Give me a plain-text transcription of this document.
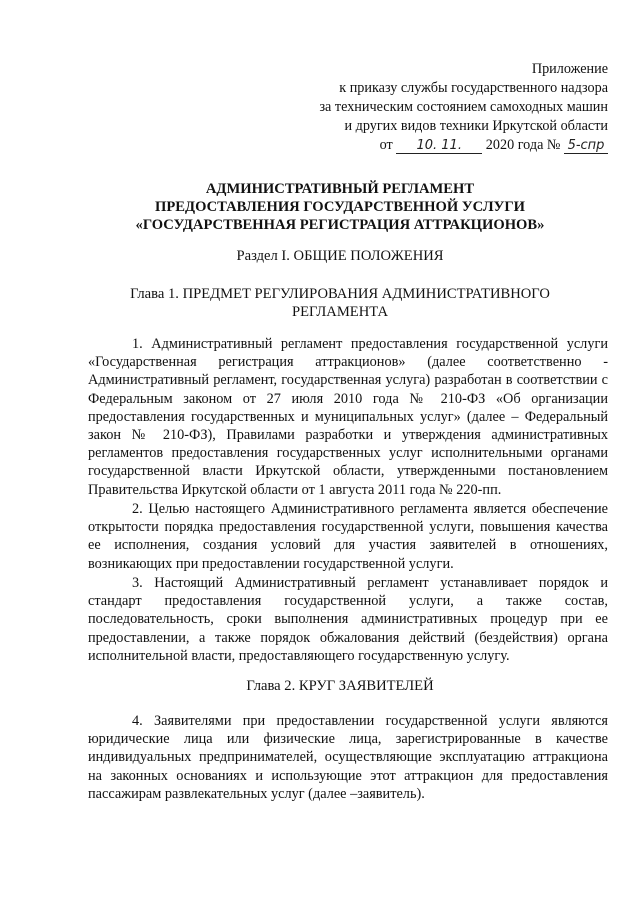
Приложение
к приказу службы государственного надзора
за техническим состоянием самоходных машин
и других видов техники Иркутской области
от 10. 11. 2020 года № 5-спр
АДМИНИСТРАТИВНЫЙ РЕГЛАМЕНТ
ПРЕДОСТАВЛЕНИЯ ГОСУДАРСТВЕННОЙ УСЛУГИ
«ГОСУДАРСТВЕННАЯ РЕГИСТРАЦИЯ АТТРАКЦИОНОВ»
Раздел I. ОБЩИЕ ПОЛОЖЕНИЯ
Глава 1. ПРЕДМЕТ РЕГУЛИРОВАНИЯ АДМИНИСТРАТИВНОГО
РЕГЛАМЕНТА

1. Административный регламент предоставления государственной услуги «Государственная регистрация аттракционов» (далее соответственно - Административный регламент, государственная услуга) разработан в соответствии с Федеральным законом от 27 июля 2010 года № 210-ФЗ «Об организации предоставления государственных и муниципальных услуг» (далее – Федеральный закон № 210-ФЗ), Правилами разработки и утверждения административных регламентов предоставления государственных услуг исполнительными органами государственной власти Иркутской области, утвержденными постановлением Правительства Иркутской области от 1 августа 2011 года № 220-пп.

2. Целью настоящего Административного регламента является обеспечение открытости порядка предоставления государственной услуги, повышения качества ее исполнения, создания условий для участия заявителей в отношениях, возникающих при предоставлении государственной услуги.

3. Настоящий Административный регламент устанавливает порядок и стандарт предоставления государственной услуги, а также состав, последовательность, сроки выполнения административных процедур при ее предоставлении, а также порядок обжалования действий (бездействия) органа исполнительной власти, предоставляющего государственную услугу.

Глава 2. КРУГ ЗАЯВИТЕЛЕЙ

4. Заявителями при предоставлении государственной услуги являются юридические лица или физические лица, зарегистрированные в качестве индивидуальных предпринимателей, осуществляющие эксплуатацию аттракциона на законных основаниях и использующие этот аттракцион для предоставления пассажирам развлекательных услуг (далее –заявитель).
